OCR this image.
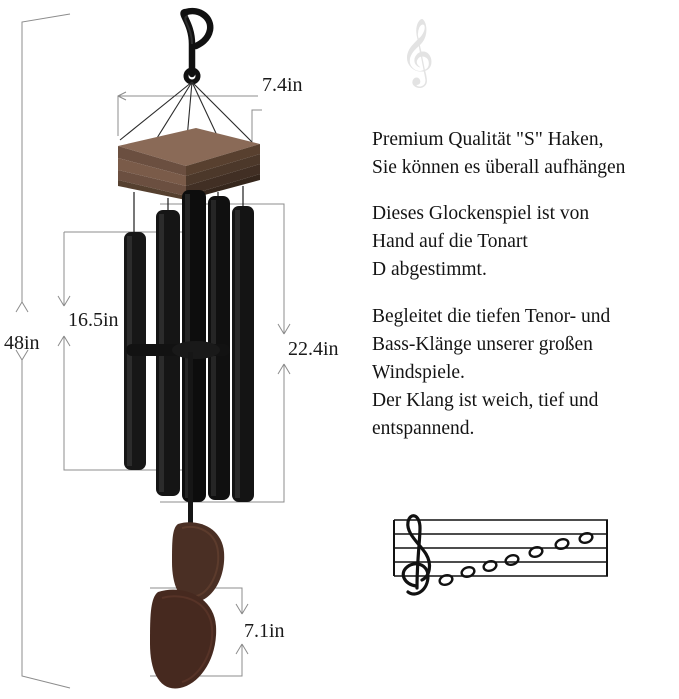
48in
7.4in
16.5in
22.4in
7.1in
𝄞
Premium Qualität "S" Haken,
Sie können es überall aufhängen
Dieses Glockenspiel ist von
Hand auf die Tonart
D abgestimmt.
Begleitet die tiefen Tenor- und
Bass-Klänge unserer großen
Windspiele.
Der Klang ist weich, tief und
entspannend.
